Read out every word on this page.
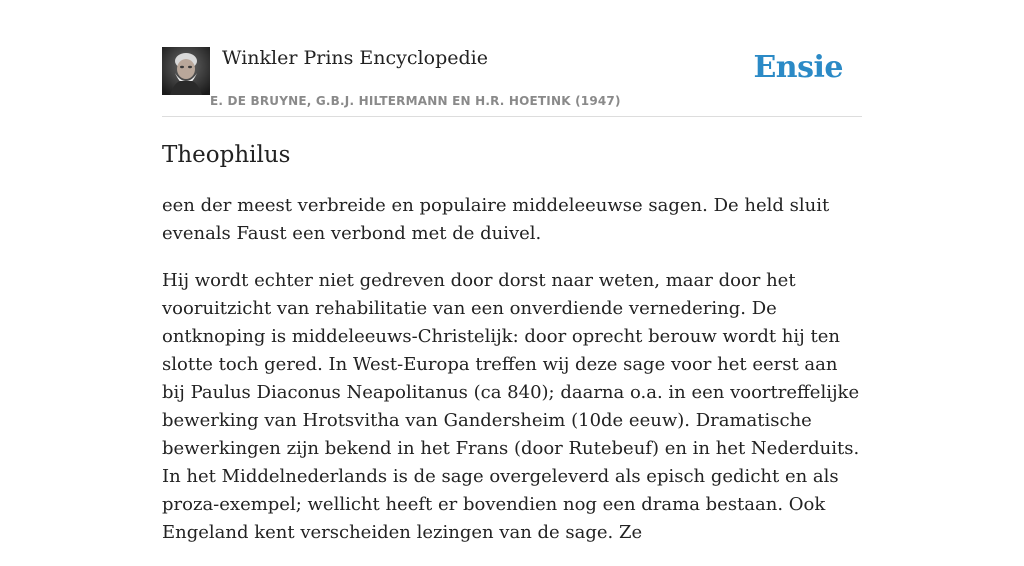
Winkler Prins Encyclopedie
E. DE BRUYNE, G.B.J. HILTERMANN EN H.R. HOETINK (1947)
Ensie
Theophilus

een der meest verbreide en populaire middeleeuwse sagen. De held sluit evenals Faust een verbond met de duivel.

Hij wordt echter niet gedreven door dorst naar weten, maar door het vooruitzicht van rehabilitatie van een onverdiende vernedering. De ontknoping is middeleeuws-Christelijk: door oprecht berouw wordt hij ten slotte toch gered. In West-Europa treffen wij deze sage voor het eerst aan bij Paulus Diaconus Neapolitanus (ca 840); daarna o.a. in een voortreffelijke bewerking van Hrotsvitha van Gandersheim (10de eeuw). Dramatische bewerkingen zijn bekend in het Frans (door Rutebeuf) en in het Nederduits. In het Middelnederlands is de sage overgeleverd als episch gedicht en als proza-exempel; wellicht heeft er bovendien nog een drama bestaan. Ook Engeland kent verscheiden lezingen van de sage. Ze
